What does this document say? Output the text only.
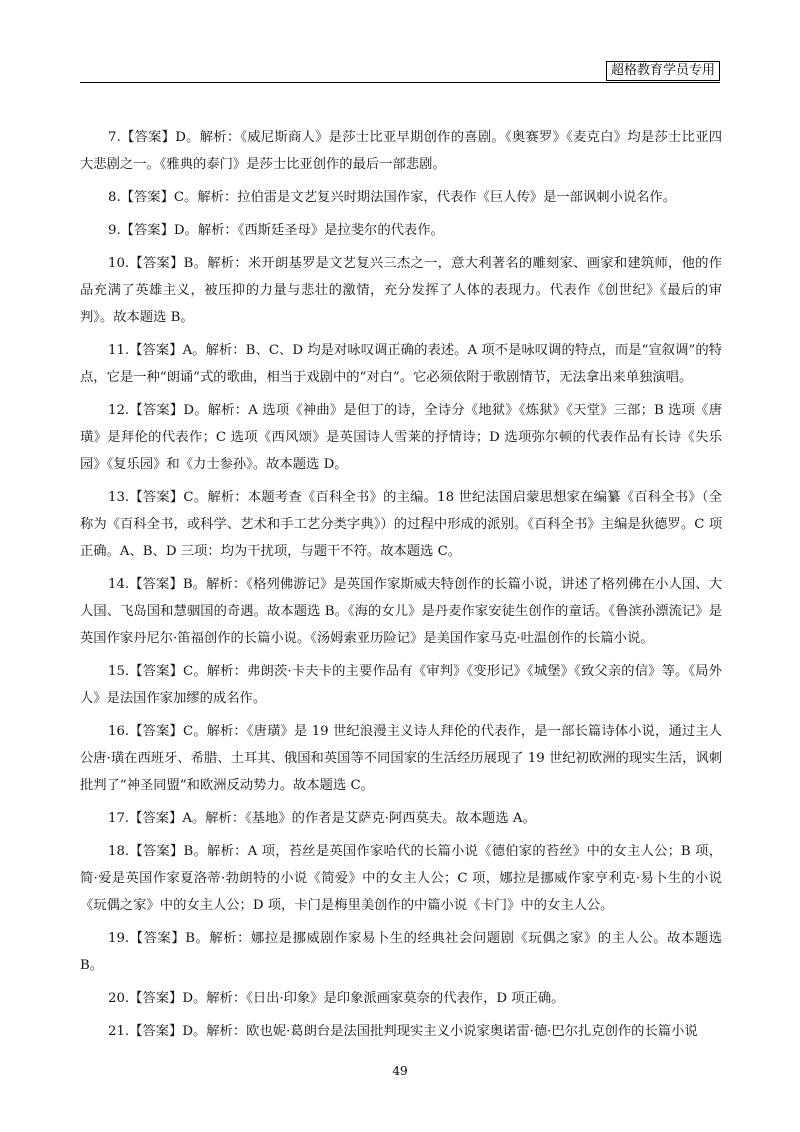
超格教育学员专用

7.【答案】D。解析：《威尼斯商人》是莎士比亚早期创作的喜剧。《奥赛罗》《麦克白》均是莎士比亚四大悲剧之一。《雅典的泰门》是莎士比亚创作的最后一部悲剧。

8.【答案】C。解析：拉伯雷是文艺复兴时期法国作家，代表作《巨人传》是一部讽刺小说名作。

9.【答案】D。解析：《西斯廷圣母》是拉斐尔的代表作。

10.【答案】B。解析：米开朗基罗是文艺复兴三杰之一，意大利著名的雕刻家、画家和建筑师，他的作品充满了英雄主义，被压抑的力量与悲壮的激情，充分发挥了人体的表现力。代表作《创世纪》《最后的审判》。故本题选 B。

11.【答案】A。解析：B、C、D 均是对咏叹调正确的表述。A 项不是咏叹调的特点，而是“宣叙调”的特点，它是一种“朗诵”式的歌曲，相当于戏剧中的“对白”。它必须依附于歌剧情节，无法拿出来单独演唱。

12.【答案】D。解析：A 选项《神曲》是但丁的诗，全诗分《地狱》《炼狱》《天堂》三部；B 选项《唐璜》是拜伦的代表作；C 选项《西风颂》是英国诗人雪莱的抒情诗；D 选项弥尔顿的代表作品有长诗《失乐园》《复乐园》和《力士参孙》。故本题选 D。

13.【答案】C。解析：本题考查《百科全书》的主编。18 世纪法国启蒙思想家在编纂《百科全书》（全称为《百科全书，或科学、艺术和手工艺分类字典》）的过程中形成的派别。《百科全书》主编是狄德罗。C 项正确。A、B、D 三项：均为干扰项，与题干不符。故本题选 C。

14.【答案】B。解析：《格列佛游记》是英国作家斯威夫特创作的长篇小说，讲述了格列佛在小人国、大人国、飞岛国和慧骃国的奇遇。故本题选 B。《海的女儿》是丹麦作家安徒生创作的童话。《鲁滨孙漂流记》是英国作家丹尼尔·笛福创作的长篇小说。《汤姆索亚历险记》是美国作家马克·吐温创作的长篇小说。

15.【答案】C。解析：弗朗茨·卡夫卡的主要作品有《审判》《变形记》《城堡》《致父亲的信》等。《局外人》是法国作家加缪的成名作。

16.【答案】C。解析：《唐璜》是 19 世纪浪漫主义诗人拜伦的代表作，是一部长篇诗体小说，通过主人公唐·璜在西班牙、希腊、土耳其、俄国和英国等不同国家的生活经历展现了 19 世纪初欧洲的现实生活，讽刺批判了“神圣同盟”和欧洲反动势力。故本题选 C。

17.【答案】A。解析：《基地》的作者是艾萨克·阿西莫夫。故本题选 A。

18.【答案】B。解析：A 项，苔丝是英国作家哈代的长篇小说《德伯家的苔丝》中的女主人公；B 项，简·爱是英国作家夏洛蒂·勃朗特的小说《简爱》中的女主人公；C 项，娜拉是挪威作家亨利克·易卜生的小说《玩偶之家》中的女主人公；D 项，卡门是梅里美创作的中篇小说《卡门》中的女主人公。

19.【答案】B。解析：娜拉是挪威剧作家易卜生的经典社会问题剧《玩偶之家》的主人公。故本题选 B。

20.【答案】D。解析：《日出·印象》是印象派画家莫奈的代表作，D 项正确。

21.【答案】D。解析：欧也妮·葛朗台是法国批判现实主义小说家奥诺雷·德·巴尔扎克创作的长篇小说

49
